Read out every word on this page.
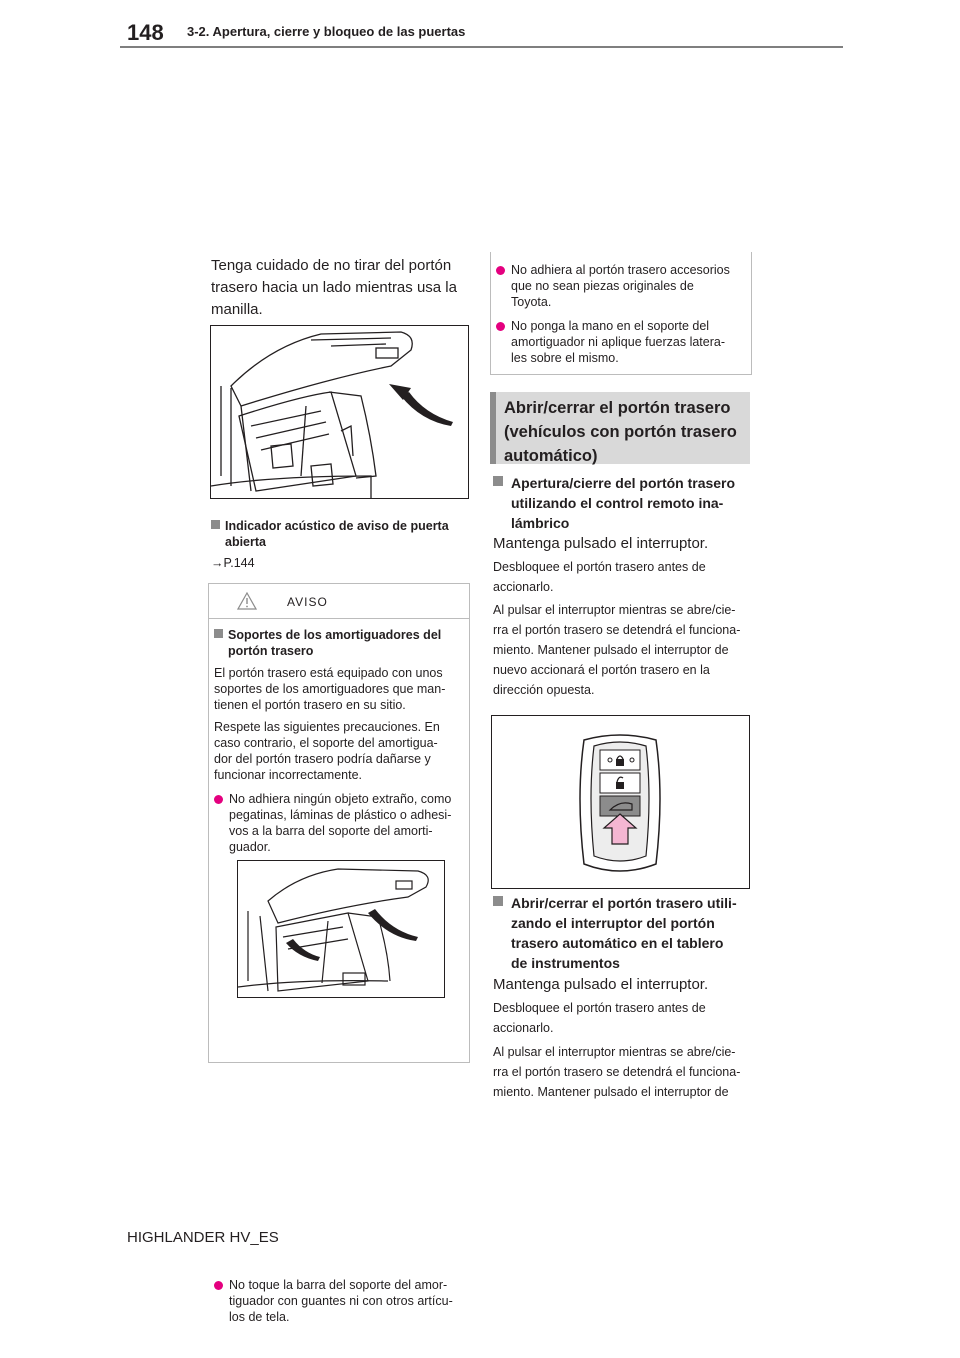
148 3-2. Apertura, cierre y bloqueo de las puertas
Tenga cuidado de no tirar del portón
trasero hacia un lado mientras usa la
manilla.
Indicador acústico de aviso de puerta
abierta
→P.144
AVISO
Soportes de los amortiguadores del
portón trasero
El portón trasero está equipado con unos
soportes de los amortiguadores que man-
tienen el portón trasero en su sitio.
Respete las siguientes precauciones. En
caso contrario, el soporte del amortigua-
dor del portón trasero podría dañarse y
funcionar incorrectamente.
No adhiera ningún objeto extraño, como
pegatinas, láminas de plástico o adhesi-
vos a la barra del soporte del amorti-
guador.
No toque la barra del soporte del amor-
tiguador con guantes ni con otros artícu-
los de tela.
No adhiera al portón trasero accesorios
que no sean piezas originales de
Toyota.
No ponga la mano en el soporte del
amortiguador ni aplique fuerzas latera-
les sobre el mismo.
Abrir/cerrar el portón trasero
(vehículos con portón trasero
automático)
Apertura/cierre del portón trasero
utilizando el control remoto ina-
lámbrico
Mantenga pulsado el interruptor.
Desbloquee el portón trasero antes de
accionarlo.
Al pulsar el interruptor mientras se abre/cie-
rra el portón trasero se detendrá el funciona-
miento. Mantener pulsado el interruptor de
nuevo accionará el portón trasero en la
dirección opuesta.
Abrir/cerrar el portón trasero utili-
zando el interruptor del portón
trasero automático en el tablero
de instrumentos
Mantenga pulsado el interruptor.
Desbloquee el portón trasero antes de
accionarlo.
Al pulsar el interruptor mientras se abre/cie-
rra el portón trasero se detendrá el funciona-
miento. Mantener pulsado el interruptor de
HIGHLANDER HV_ES
